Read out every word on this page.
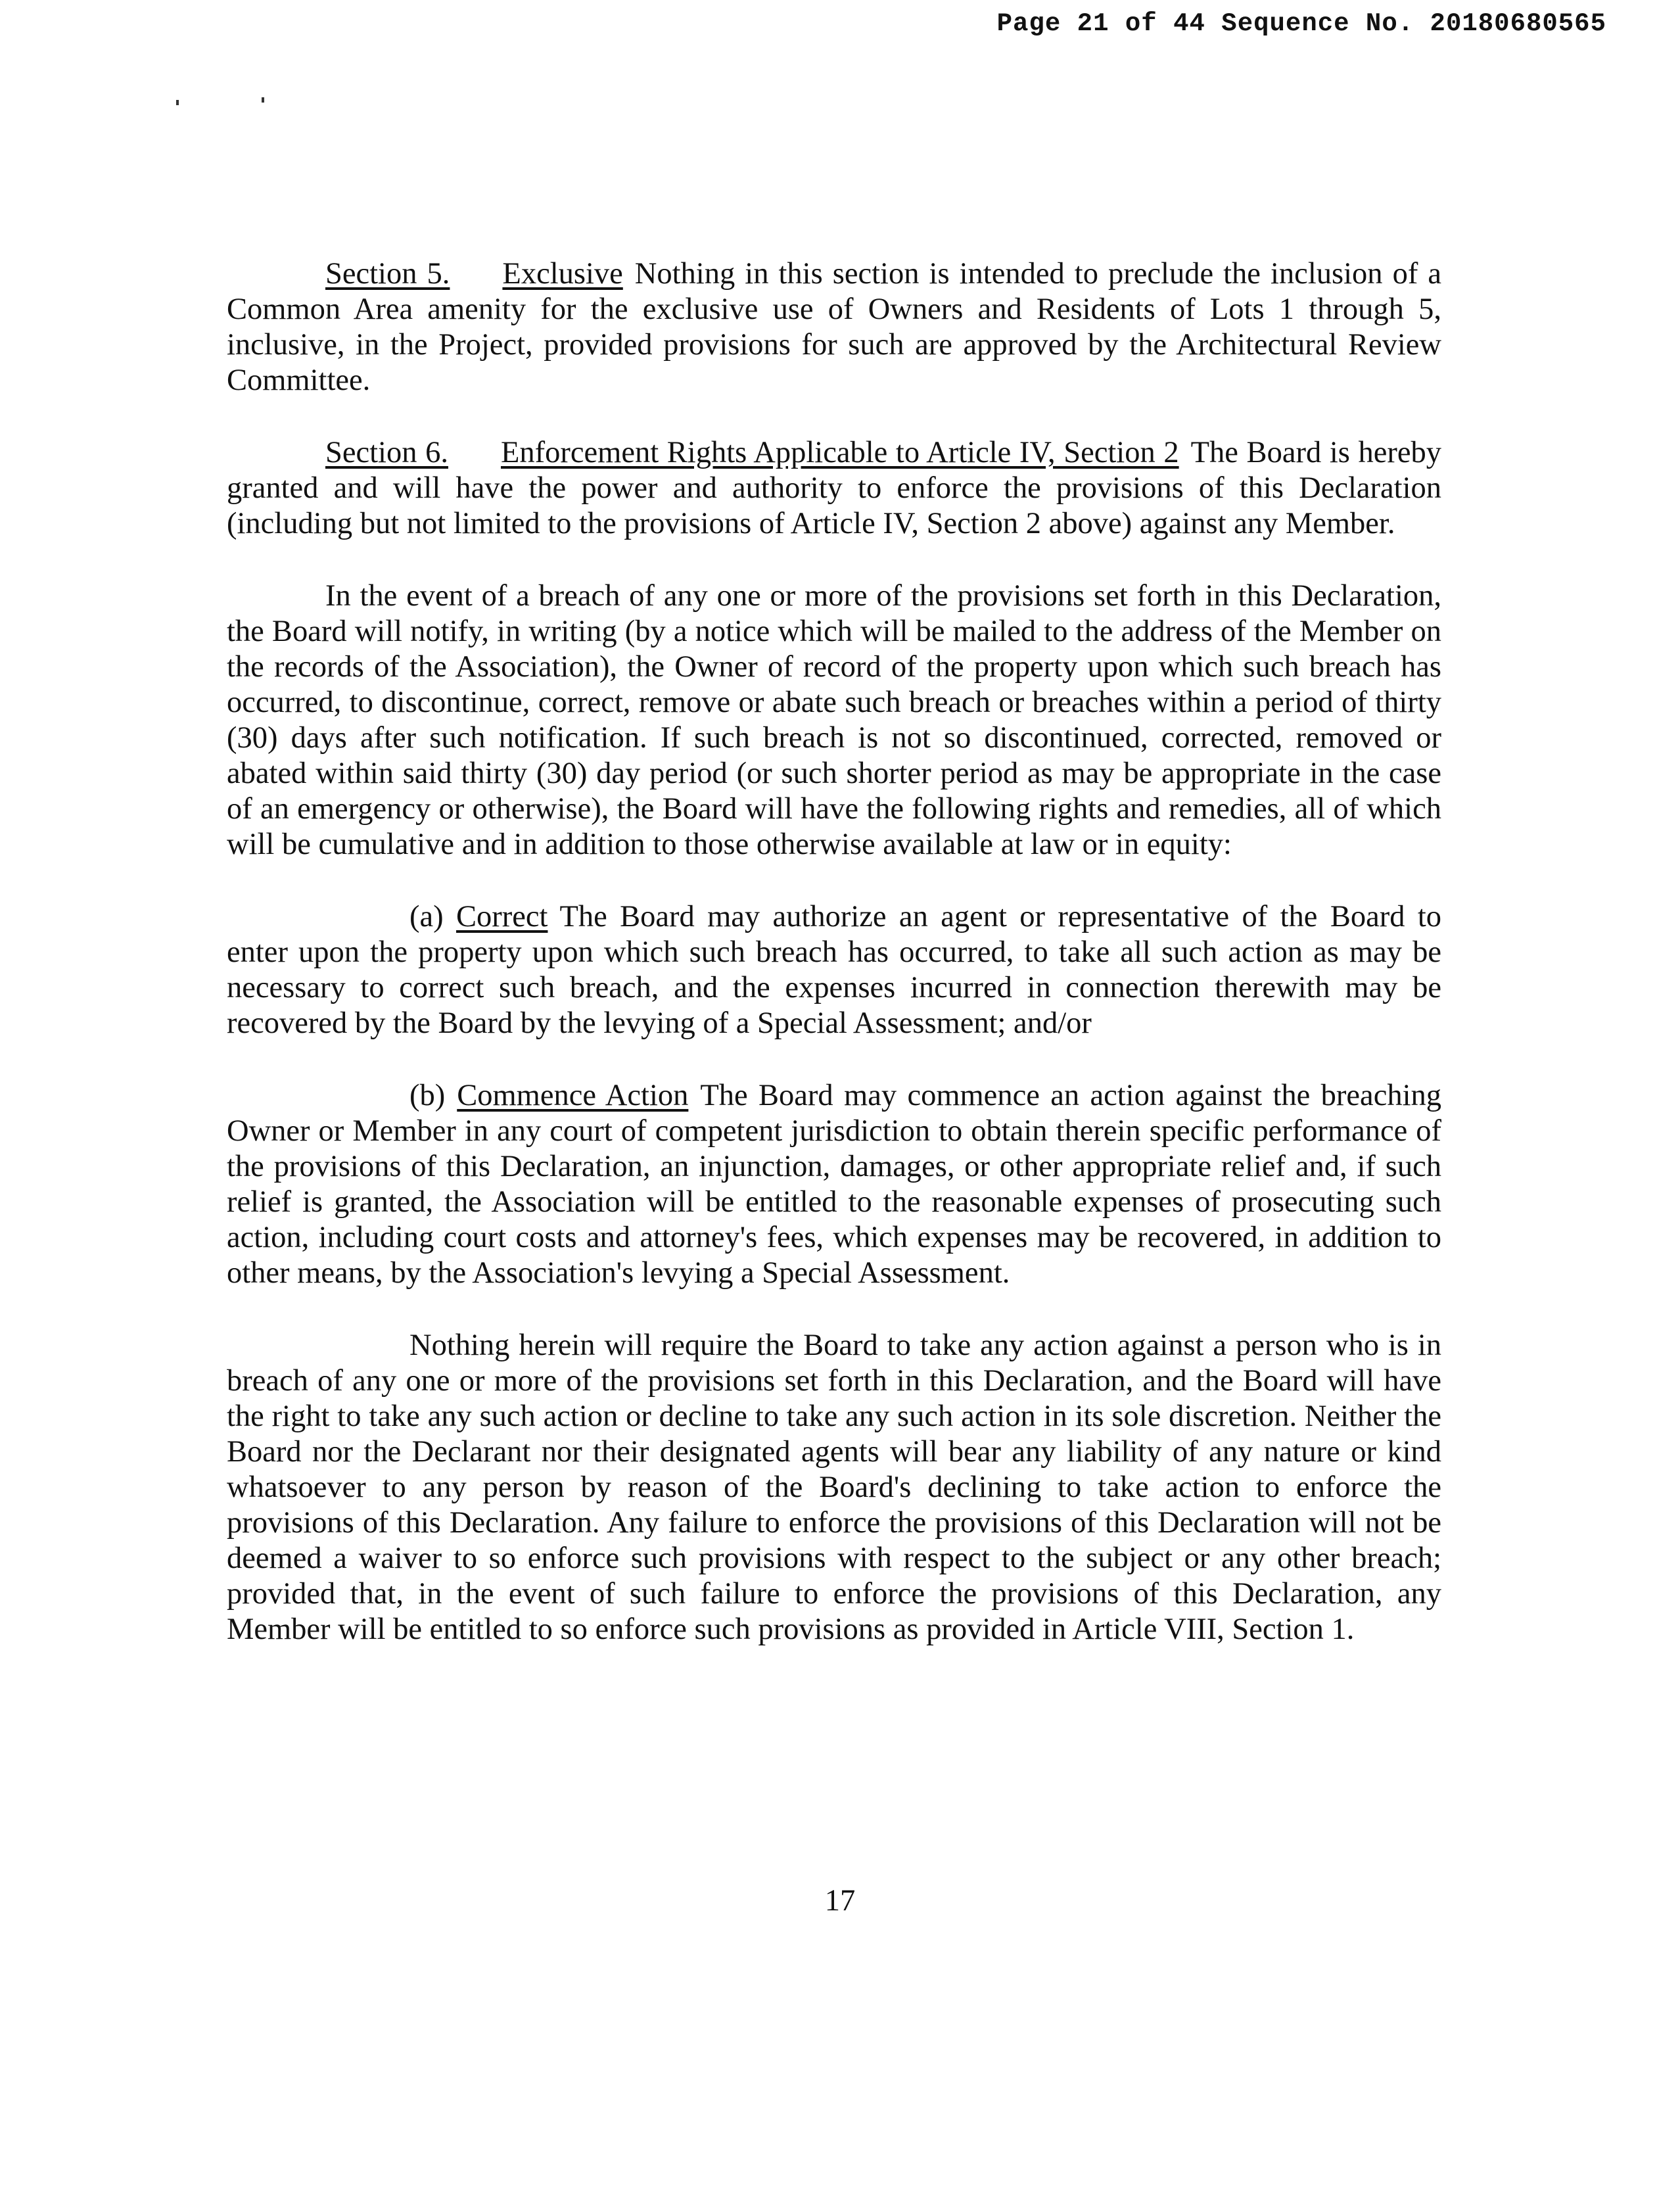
Page 21 of 44 Sequence No. 20180680565

Section 5. Exclusive Nothing in this section is intended to preclude the inclusion of a Common Area amenity for the exclusive use of Owners and Residents of Lots 1 through 5, inclusive, in the Project, provided provisions for such are approved by the Architectural Review Committee.

Section 6. Enforcement Rights Applicable to Article IV, Section 2 The Board is hereby granted and will have the power and authority to enforce the provisions of this Declaration (including but not limited to the provisions of Article IV, Section 2 above) against any Member.

In the event of a breach of any one or more of the provisions set forth in this Declaration, the Board will notify, in writing (by a notice which will be mailed to the address of the Member on the records of the Association), the Owner of record of the property upon which such breach has occurred, to discontinue, correct, remove or abate such breach or breaches within a period of thirty (30) days after such notification. If such breach is not so discontinued, corrected, removed or abated within said thirty (30) day period (or such shorter period as may be appropriate in the case of an emergency or otherwise), the Board will have the following rights and remedies, all of which will be cumulative and in addition to those otherwise available at law or in equity:

(a) Correct The Board may authorize an agent or representative of the Board to enter upon the property upon which such breach has occurred, to take all such action as may be necessary to correct such breach, and the expenses incurred in connection therewith may be recovered by the Board by the levying of a Special Assessment; and/or

(b) Commence Action The Board may commence an action against the breaching Owner or Member in any court of competent jurisdiction to obtain therein specific performance of the provisions of this Declaration, an injunction, damages, or other appropriate relief and, if such relief is granted, the Association will be entitled to the reasonable expenses of prosecuting such action, including court costs and attorney's fees, which expenses may be recovered, in addition to other means, by the Association's levying a Special Assessment.

Nothing herein will require the Board to take any action against a person who is in breach of any one or more of the provisions set forth in this Declaration, and the Board will have the right to take any such action or decline to take any such action in its sole discretion. Neither the Board nor the Declarant nor their designated agents will bear any liability of any nature or kind whatsoever to any person by reason of the Board's declining to take action to enforce the provisions of this Declaration. Any failure to enforce the provisions of this Declaration will not be deemed a waiver to so enforce such provisions with respect to the subject or any other breach; provided that, in the event of such failure to enforce the provisions of this Declaration, any Member will be entitled to so enforce such provisions as provided in Article VIII, Section 1.

17
